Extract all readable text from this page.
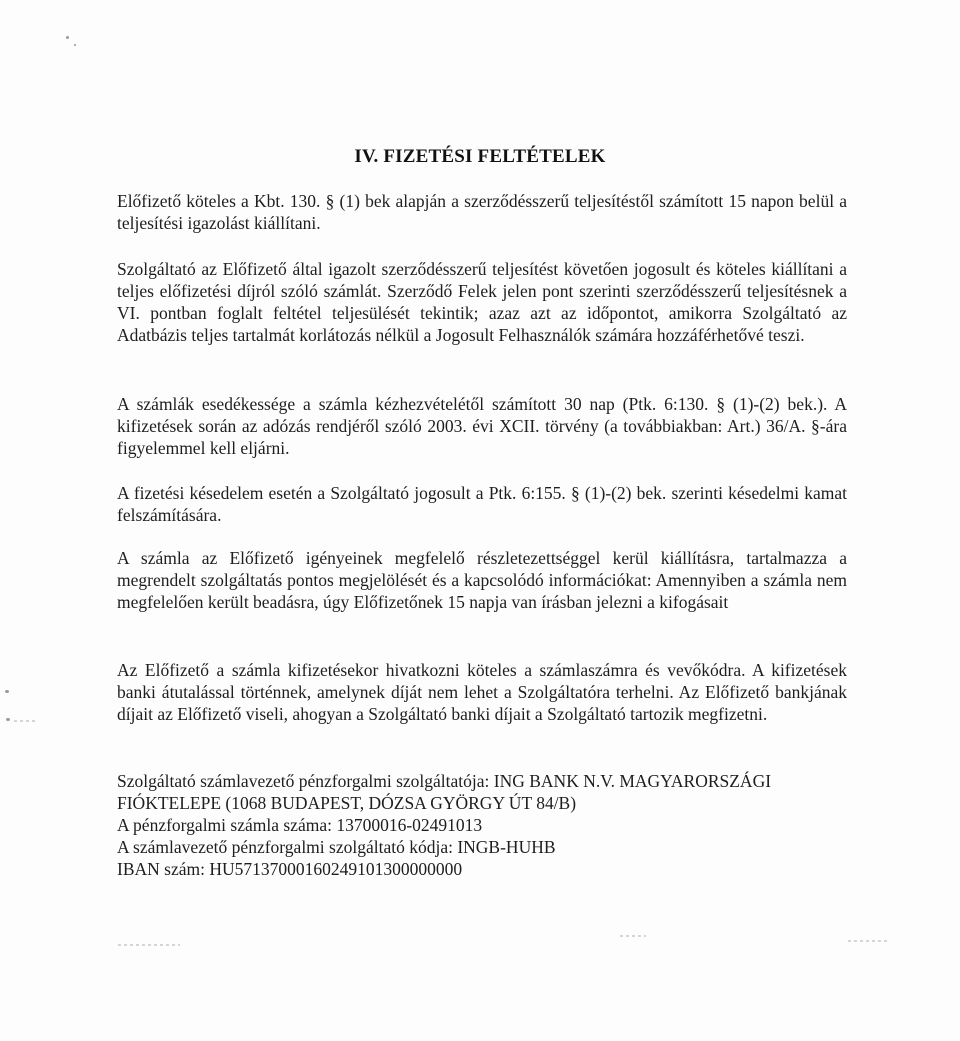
IV. FIZETÉSI FELTÉTELEK

Előfizető köteles a Kbt. 130. § (1) bek alapján a szerződésszerű teljesítéstől számított 15 napon belül a teljesítési igazolást kiállítani.

Szolgáltató az Előfizető által igazolt szerződésszerű teljesítést követően jogosult és köteles kiállítani a teljes előfizetési díjról szóló számlát. Szerződő Felek jelen pont szerinti szerződésszerű teljesítésnek a VI. pontban foglalt feltétel teljesülését tekintik; azaz azt az időpontot, amikorra Szolgáltató az Adatbázis teljes tartalmát korlátozás nélkül a Jogosult Felhasználók számára hozzáférhetővé teszi.

A számlák esedékessége a számla kézhezvételétől számított 30 nap (Ptk. 6:130. § (1)-(2) bek.). A kifizetések során az adózás rendjéről szóló 2003. évi XCII. törvény (a továbbiakban: Art.) 36/A. §-ára figyelemmel kell eljárni.

A fizetési késedelem esetén a Szolgáltató jogosult a Ptk. 6:155. § (1)-(2) bek. szerinti késedelmi kamat felszámítására.

A számla az Előfizető igényeinek megfelelő részletezettséggel kerül kiállításra, tartalmazza a megrendelt szolgáltatás pontos megjelölését és a kapcsolódó információkat: Amennyiben a számla nem megfelelően került beadásra, úgy Előfizetőnek 15 napja van írásban jelezni a kifogásait

Az Előfizető a számla kifizetésekor hivatkozni köteles a számlaszámra és vevőkódra. A kifizetések banki átutalással történnek, amelynek díját nem lehet a Szolgáltatóra terhelni. Az Előfizető bankjának díjait az Előfizető viseli, ahogyan a Szolgáltató banki díjait a Szolgáltató tartozik megfizetni.

Szolgáltató számlavezető pénzforgalmi szolgáltatója: ING BANK N.V. MAGYARORSZÁGI
FIÓKTELEPE (1068 BUDAPEST, DÓZSA GYÖRGY ÚT 84/B)
A pénzforgalmi számla száma: 13700016-02491013
A számlavezető pénzforgalmi szolgáltató kódja: INGB-HUHB
IBAN szám: HU57137000160249101300000000
